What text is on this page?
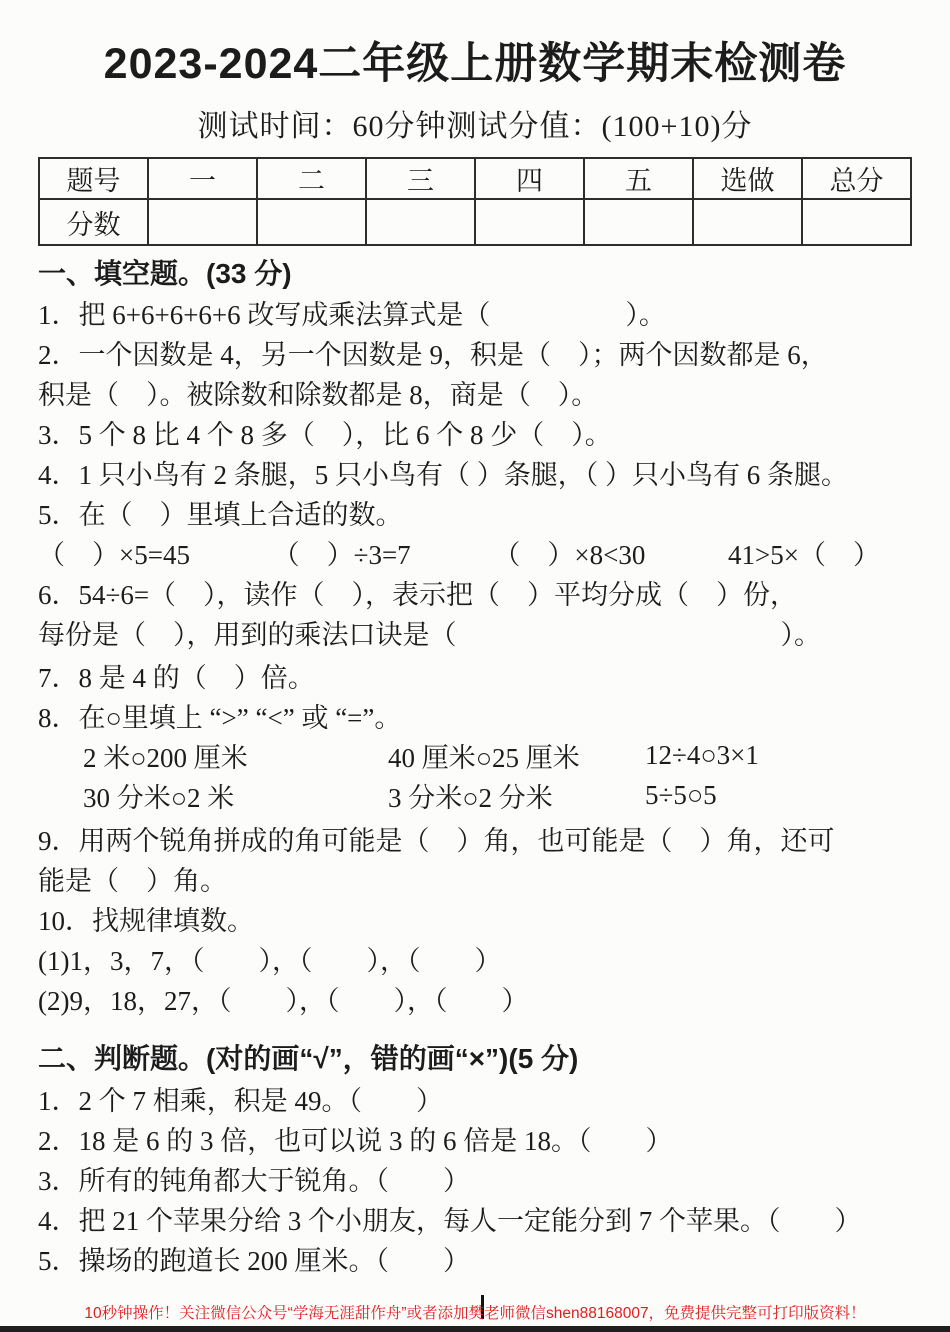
2023-2024二年级上册数学期末检测卷
测试时间：60分钟测试分值：(100+10)分
题号	一	二	三	四	五	选做	总分
分数							
一、填空题。(33 分)
1．把 6+6+6+6+6 改写成乘法算式是（　　　　　）。
2．一个因数是 4，另一个因数是 9，积是（　）；两个因数都是 6，
积是（　）。被除数和除数都是 8，商是（　）。
3．5 个 8 比 4 个 8 多（　），比 6 个 8 少（　）。
4．1 只小鸟有 2 条腿，5 只小鸟有（ ）条腿，（ ）只小鸟有 6 条腿。
5．在（　）里填上合适的数。
（　）×5=45	（　）÷3=7	（　）×8<30	41>5×（　）
6．54÷6=（　），读作（　），表示把（　）平均分成（　）份，
每份是（　），用到的乘法口诀是（　　　　　　　　　　　　）。
7．8 是 4 的（　）倍。
8．在○里填上 “>” “<” 或 “=”。
2 米○200 厘米	40 厘米○25 厘米	12÷4○3×1
30 分米○2 米	3 分米○2 分米	5÷5○5
9．用两个锐角拼成的角可能是（　）角，也可能是（　）角，还可
能是（　）角。
10．找规律填数。
(1)1，3，7，（　　），（　　），（　　）
(2)9，18，27，（　　），（　　），（　　）
二、判断题。(对的画“√”，错的画“×”)(5 分)
1．2 个 7 相乘，积是 49。（　　）
2．18 是 6 的 3 倍，也可以说 3 的 6 倍是 18。（　　）
3．所有的钝角都大于锐角。（　　）
4．把 21 个苹果分给 3 个小朋友，每人一定能分到 7 个苹果。（　　）
5．操场的跑道长 200 厘米。（　　）
10秒钟操作！关注微信公众号“学海无涯甜作舟”或者添加樊老师微信shen88168007，免费提供完整可打印版资料！
